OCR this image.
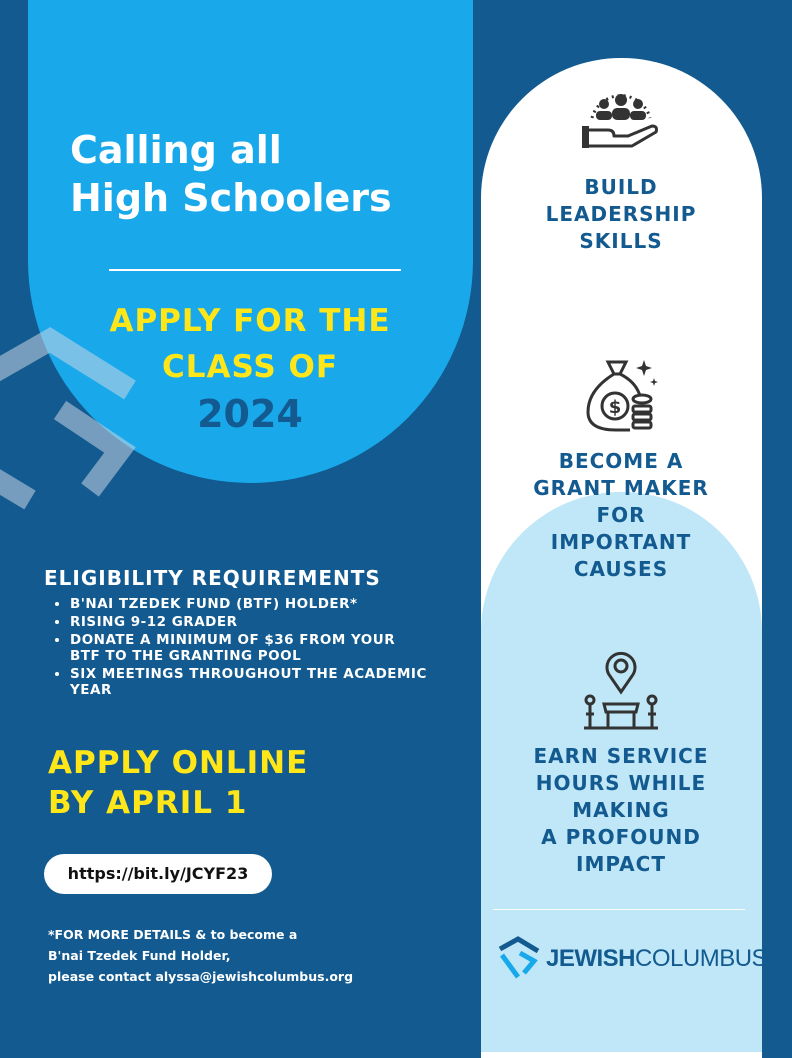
Calling all
High Schoolers
APPLY FOR THE
CLASS OF
2024
ELIGIBILITY REQUIREMENTS
• B'NAI TZEDEK FUND (BTF) HOLDER*
• RISING 9-12 GRADER
• DONATE A MINIMUM OF $36 FROM YOUR BTF TO THE GRANTING POOL
• SIX MEETINGS THROUGHOUT THE ACADEMIC YEAR
APPLY ONLINE
BY APRIL 1
https://bit.ly/JCYF23
*FOR MORE DETAILS & to become a
B'nai Tzedek Fund Holder,
please contact alyssa@jewishcolumbus.org
$
BUILD
LEADERSHIP
SKILLS
BECOME A
GRANT MAKER
FOR
IMPORTANT
CAUSES
EARN SERVICE
HOURS WHILE
MAKING
A PROFOUND
IMPACT
JEWISHCOLUMBUS
